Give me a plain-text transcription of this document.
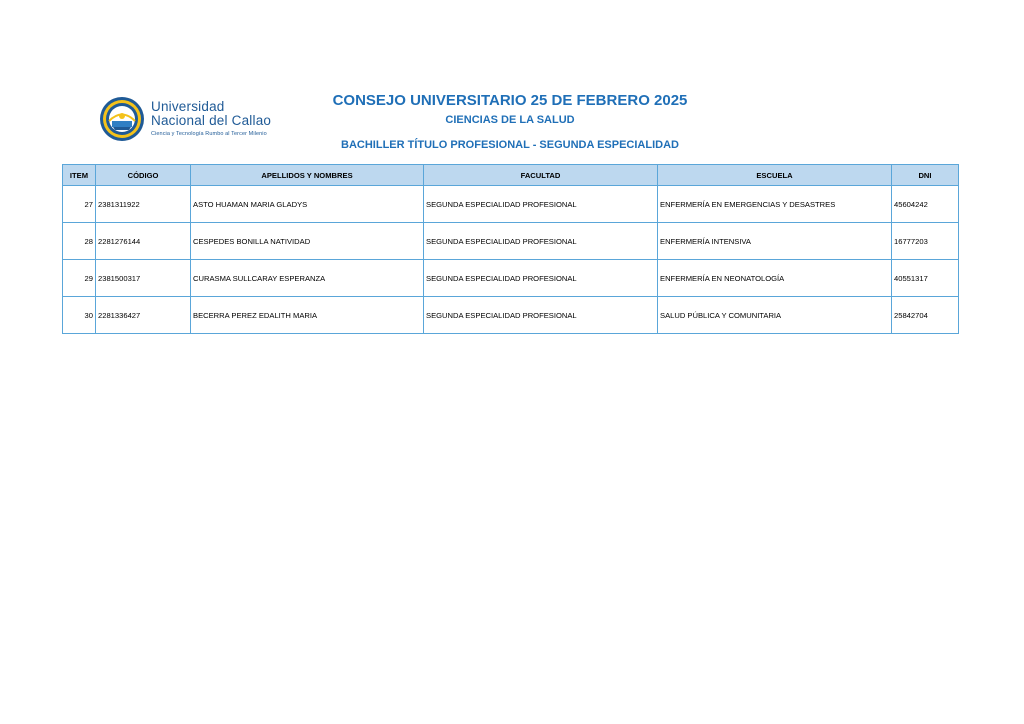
Universidad
Nacional del Callao
Ciencia y Tecnología Rumbo al Tercer Milenio
CONSEJO UNIVERSITARIO 25 DE FEBRERO 2025
CIENCIAS DE LA SALUD
BACHILLER TÍTULO PROFESIONAL - SEGUNDA ESPECIALIDAD
ITEM	CÓDIGO	APELLIDOS Y NOMBRES	FACULTAD	ESCUELA	DNI
27	2381311922	ASTO HUAMAN MARIA GLADYS	SEGUNDA ESPECIALIDAD PROFESIONAL	ENFERMERÍA EN EMERGENCIAS Y DESASTRES	45604242
28	2281276144	CESPEDES BONILLA NATIVIDAD	SEGUNDA ESPECIALIDAD PROFESIONAL	ENFERMERÍA INTENSIVA	16777203
29	2381500317	CURASMA SULLCARAY ESPERANZA	SEGUNDA ESPECIALIDAD PROFESIONAL	ENFERMERÍA EN NEONATOLOGÍA	40551317
30	2281336427	BECERRA PEREZ EDALITH MARIA	SEGUNDA ESPECIALIDAD PROFESIONAL	SALUD PÚBLICA Y COMUNITARIA	25842704
